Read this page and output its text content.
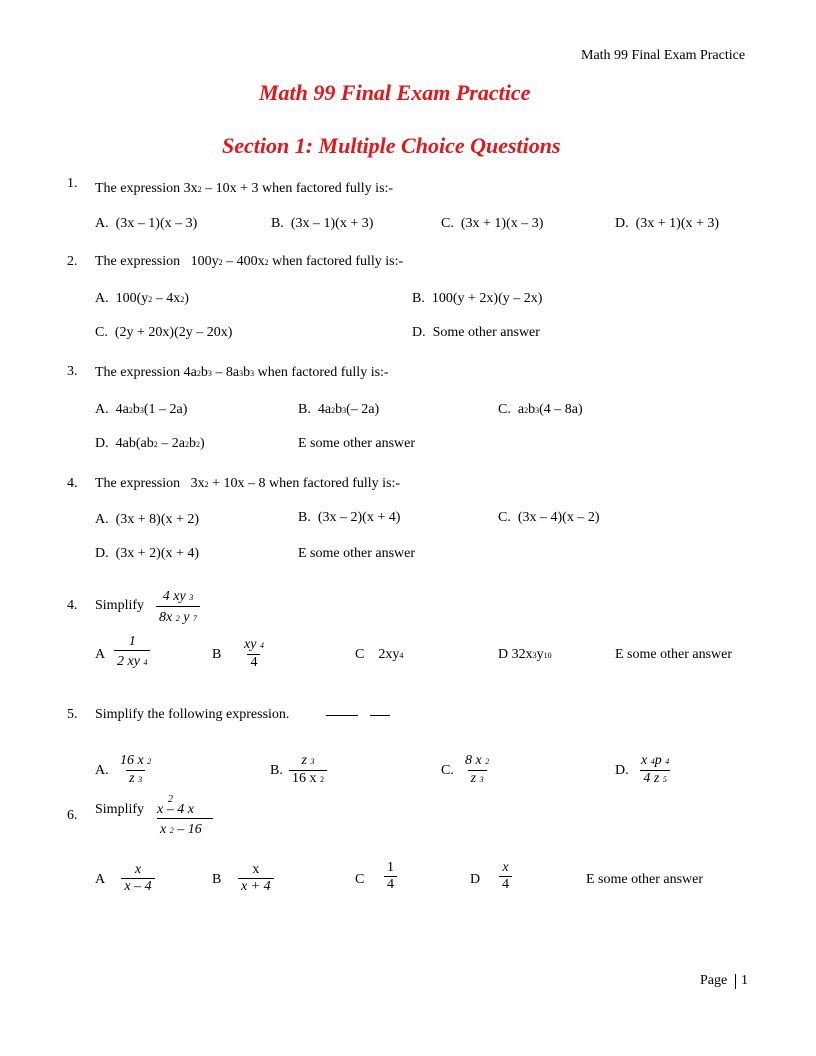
Math 99 Final Exam Practice
Math 99 Final Exam Practice
Section 1: Multiple Choice Questions
1. The expression 3x2 – 10x + 3 when factored fully is:-
A. (3x – 1)(x – 3)	B. (3x – 1)(x + 3)	C. (3x + 1)(x – 3)	D. (3x + 1)(x + 3)
2. The expression 100y2 – 400x2 when factored fully is:-
A. 100(y2 – 4x2)	B. 100(y + 2x)(y – 2x)
C. (2y + 20x)(2y – 20x)	D. Some other answer
3. The expression 4a2b3 – 8a3b3 when factored fully is:-
A. 4a2b3(1 – 2a)	B. 4a2b3(– 2a)	C. a2b3(4 – 8a)
D. 4ab(ab2 – 2a2b2)	E some other answer
4. The expression 3x2 + 10x – 8 when factored fully is:-
A. (3x + 8)(x + 2)	B. (3x – 2)(x + 4)	C. (3x – 4)(x – 2)
D. (3x + 2)(x + 4)	E some other answer
4. Simplify $\frac{4 xy 3}{8x 2 y 7}$
A $\frac{1}{2 xy 4}$	B $\frac{xy 4}{4}$	C 2xy4	D 32x3y10	E some other answer
5. Simplify the following expression.
A. $\frac{16 x 2}{z 3}$	B. $\frac{z 3}{16 x 2}$	C. $\frac{8 x 2}{z 3}$	D. $\frac{x 4p 4}{4 z 5}$
6. Simplify
2
x – 4 x
x 2 – 16
A $\frac{x}{x - 4}$	B $\frac{x}{x + 4}$	C $\frac{1}{4}$	D $\frac{x}{4}$	E some other answer
Page 1
